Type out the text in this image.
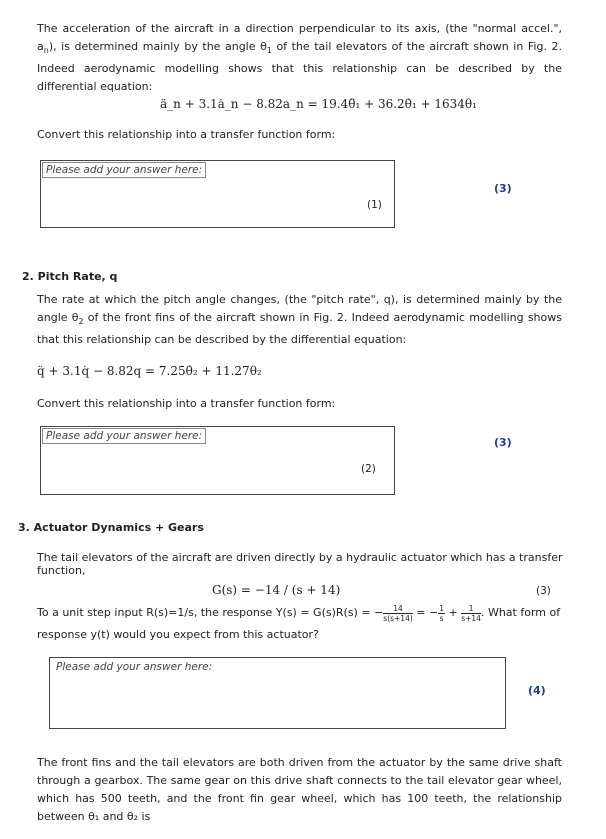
The acceleration of the aircraft in a direction perpendicular to its axis, (the "normal accel.", $a_n$), is determined mainly by the angle $\theta_1$ of the tail elevators of the aircraft shown in Fig. 2. Indeed aerodynamic modelling shows that this relationship can be described by the differential equation:
ä_n + 3.1ȧ_n − 8.82a_n = 19.4θ̈₁ + 36.2θ̇₁ + 1634θ₁
Convert this relationship into a transfer function form:
Please add your answer here:
(1)
(3)
2. Pitch Rate, q
The rate at which the pitch angle changes, (the "pitch rate", q), is determined mainly by the angle $\theta_2$ of the front fins of the aircraft shown in Fig. 2. Indeed aerodynamic modelling shows that this relationship can be described by the differential equation:
q̈ + 3.1q̇ − 8.82q = 7.25θ̇₂ + 11.27θ₂
Convert this relationship into a transfer function form:
Please add your answer here:
(2)
(3)
3. Actuator Dynamics + Gears
The tail elevators of the aircraft are driven directly by a hydraulic actuator which has a transfer function,
G(s) = −14 / (s + 14)	(3)
To a unit step input R(s)=1/s, the response Y(s) = G(s)R(s) = − $\frac{14}{s(s+14)}$ = − $\frac{1}{s} + \frac{1}{s+14}$ . What form of
response y(t) would you expect from this actuator?
Please add your answer here:
(4)
The front fins and the tail elevators are both driven from the actuator by the same drive shaft through a gearbox. The same gear on this drive shaft connects to the tail elevator gear wheel, which has 500 teeth, and the front fin gear wheel, which has 100 teeth, the relationship between θ₁ and θ₂ is
